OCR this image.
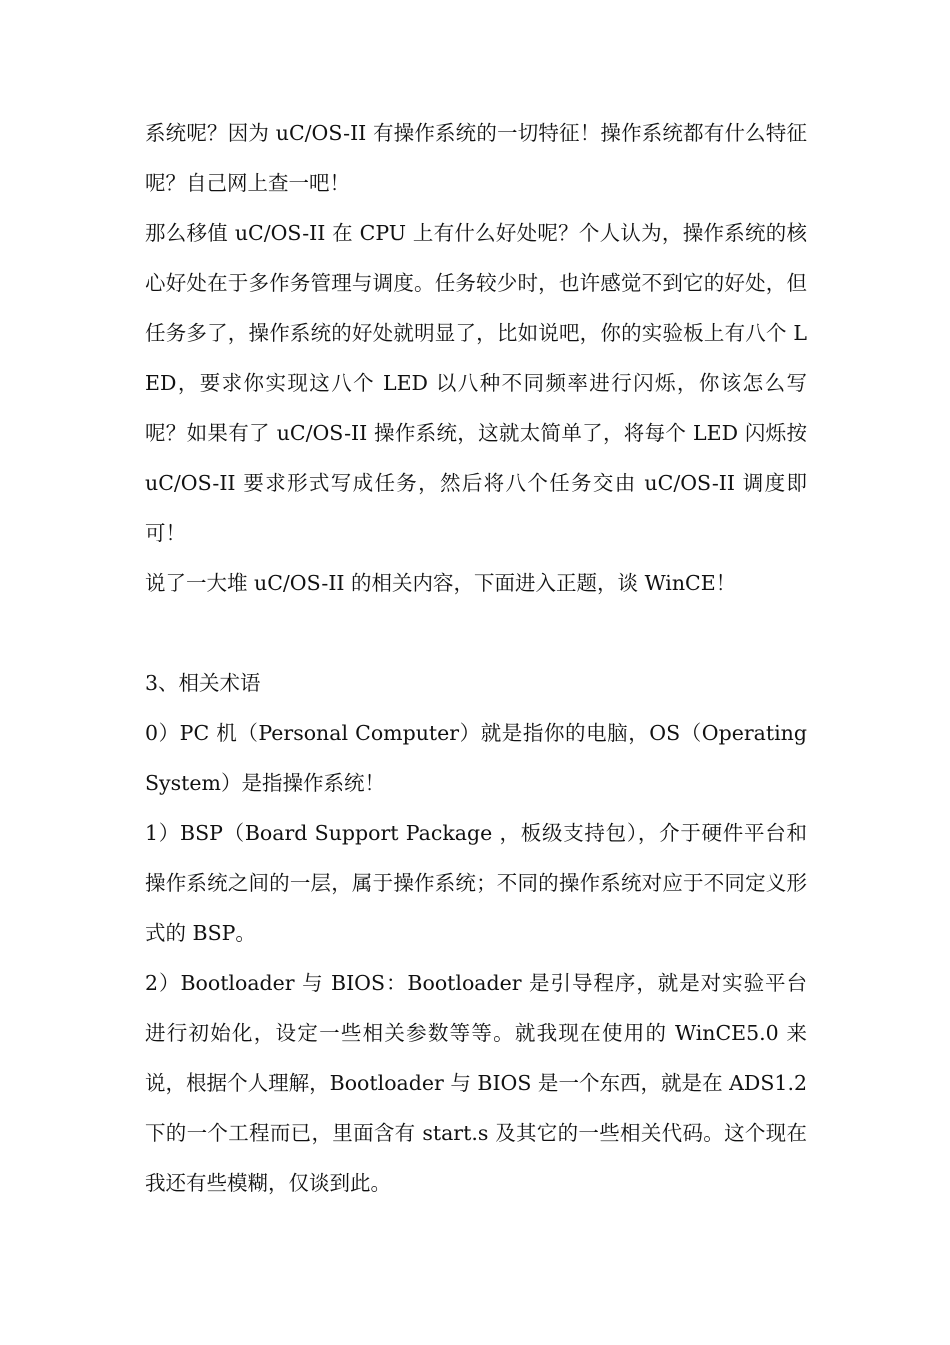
系统呢？因为 uC/OS-II 有操作系统的一切特征！操作系统都有什么特征呢？自己网上查一吧！

那么移值 uC/OS-II 在 CPU 上有什么好处呢？个人认为，操作系统的核心好处在于多作务管理与调度。任务较少时，也许感觉不到它的好处，但任务多了，操作系统的好处就明显了，比如说吧，你的实验板上有八个 LED，要求你实现这八个 LED 以八种不同频率进行闪烁，你该怎么写呢？如果有了 uC/OS-II 操作系统，这就太简单了，将每个 LED 闪烁按 uC/OS-II 要求形式写成任务，然后将八个任务交由 uC/OS-II 调度即可！

说了一大堆 uC/OS-II 的相关内容，下面进入正题，谈 WinCE！

3、相关术语

0）PC 机（Personal Computer）就是指你的电脑，OS（Operating System）是指操作系统！

1）BSP（Board Support Package ，板级支持包），介于硬件平台和操作系统之间的一层，属于操作系统；不同的操作系统对应于不同定义形式的 BSP。

2）Bootloader 与 BIOS：Bootloader 是引导程序，就是对实验平台进行初始化，设定一些相关参数等等。就我现在使用的 WinCE5.0 来说，根据个人理解，Bootloader 与 BIOS 是一个东西，就是在 ADS1.2 下的一个工程而已，里面含有 start.s 及其它的一些相关代码。这个现在我还有些模糊，仅谈到此。
